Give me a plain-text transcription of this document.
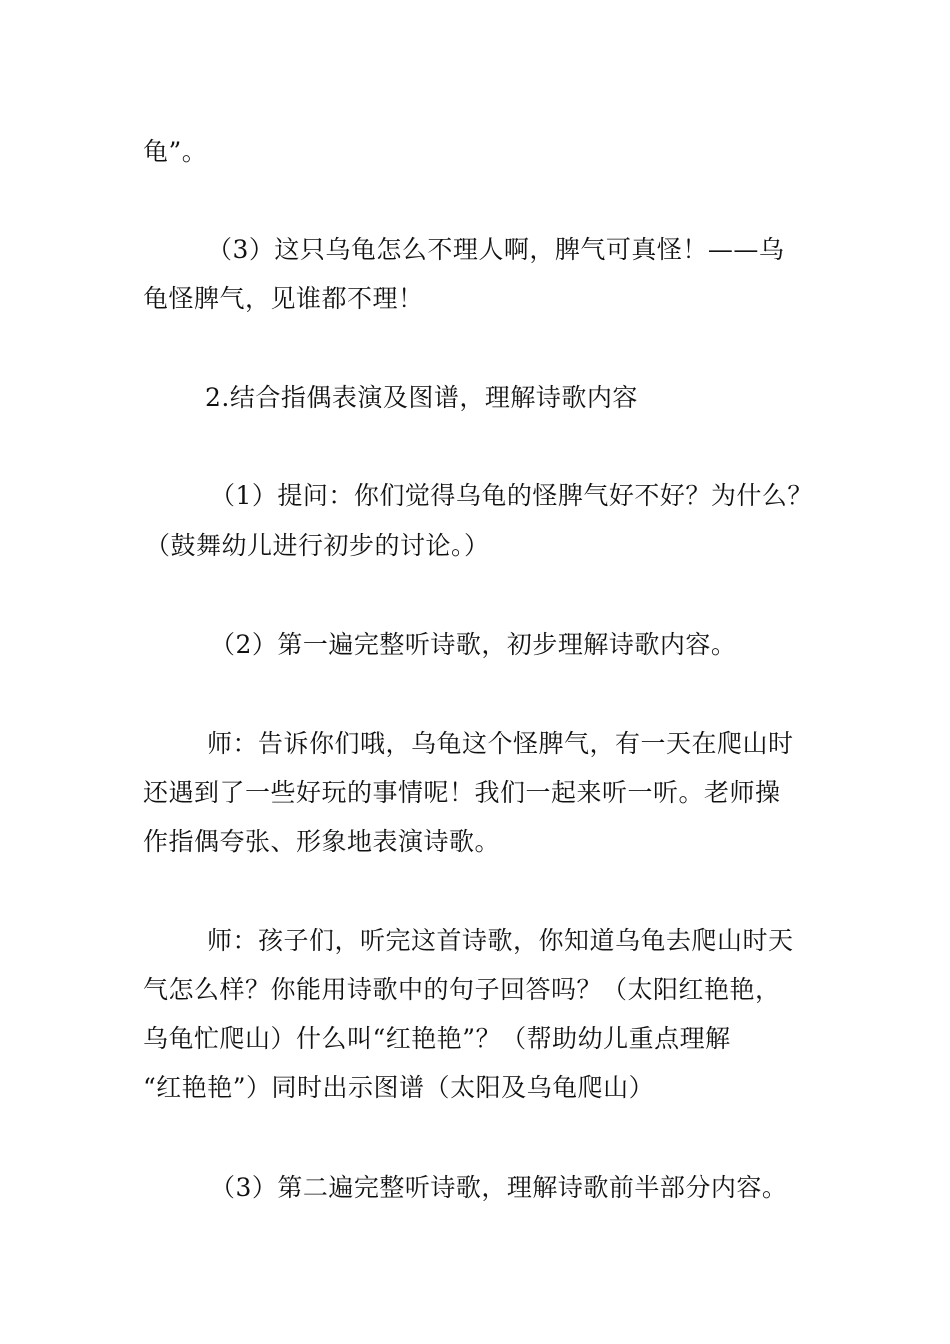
龟”。
（3）这只乌龟怎么不理人啊，脾气可真怪！——乌
龟怪脾气，见谁都不理！
2.结合指偶表演及图谱，理解诗歌内容
（1）提问：你们觉得乌龟的怪脾气好不好？为什么？
（鼓舞幼儿进行初步的讨论。）
（2）第一遍完整听诗歌，初步理解诗歌内容。
师：告诉你们哦，乌龟这个怪脾气，有一天在爬山时
还遇到了一些好玩的事情呢！我们一起来听一听。老师操
作指偶夸张、形象地表演诗歌。
师：孩子们，听完这首诗歌，你知道乌龟去爬山时天
气怎么样？你能用诗歌中的句子回答吗？（太阳红艳艳，
乌龟忙爬山）什么叫“红艳艳”？（帮助幼儿重点理解
“红艳艳”）同时出示图谱（太阳及乌龟爬山）
（3）第二遍完整听诗歌，理解诗歌前半部分内容。
